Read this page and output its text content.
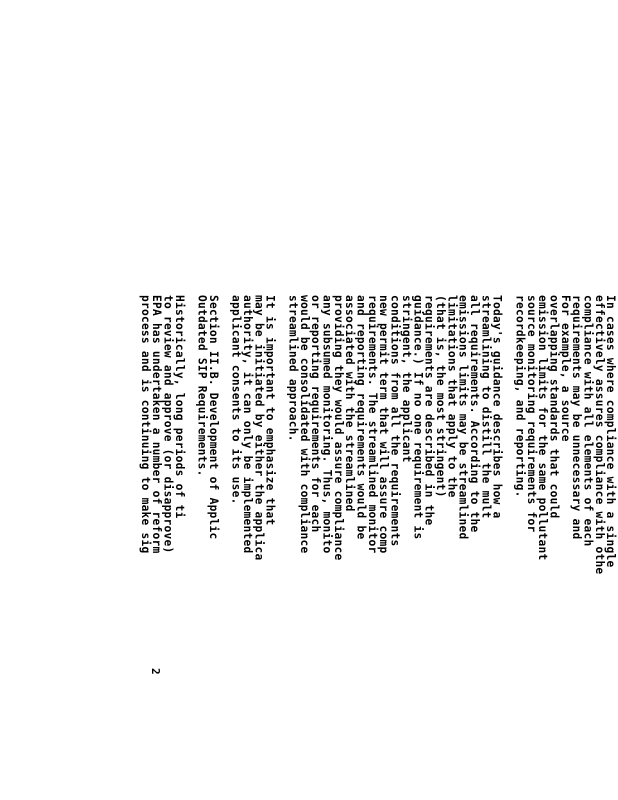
In cases where compliance with a single
effectively assures compliance with othe
compliance with all elements of each
requirements may be unnecessary and
For example, a source
overlapping standards that could
emission limits for the same pollutant
source monitoring requirements for
recordkeeping, and reporting.
Today's guidance describes how a
streamlining to distill the mult
all requirements. According to the
emissions limits may be streamlined
limitations that apply to the
(that is, the most stringent)
requirements are described in the
guidance.) If no one requirement is
stringent, the applicant
conditions from all the requirements
new permit term that will assure comp
requirements. The streamlined monitor
and reporting requirements would be
associated with the streamlined
providing they would assure compliance
any subsumed monitoring. Thus, monito
or reporting requirements for each
would be consolidated with compliance
streamlined approach.
It is important to emphasize that
may be initiated by either the applica
authority, it can only be implemented
applicant consents to its use.
Section II.B. Development of Applic
Outdated SIP Requirements.
Historically, long periods of ti
to review and approve (or disapprove)
EPA has undertaken a number of reform
process and is continuing to make sig
2
